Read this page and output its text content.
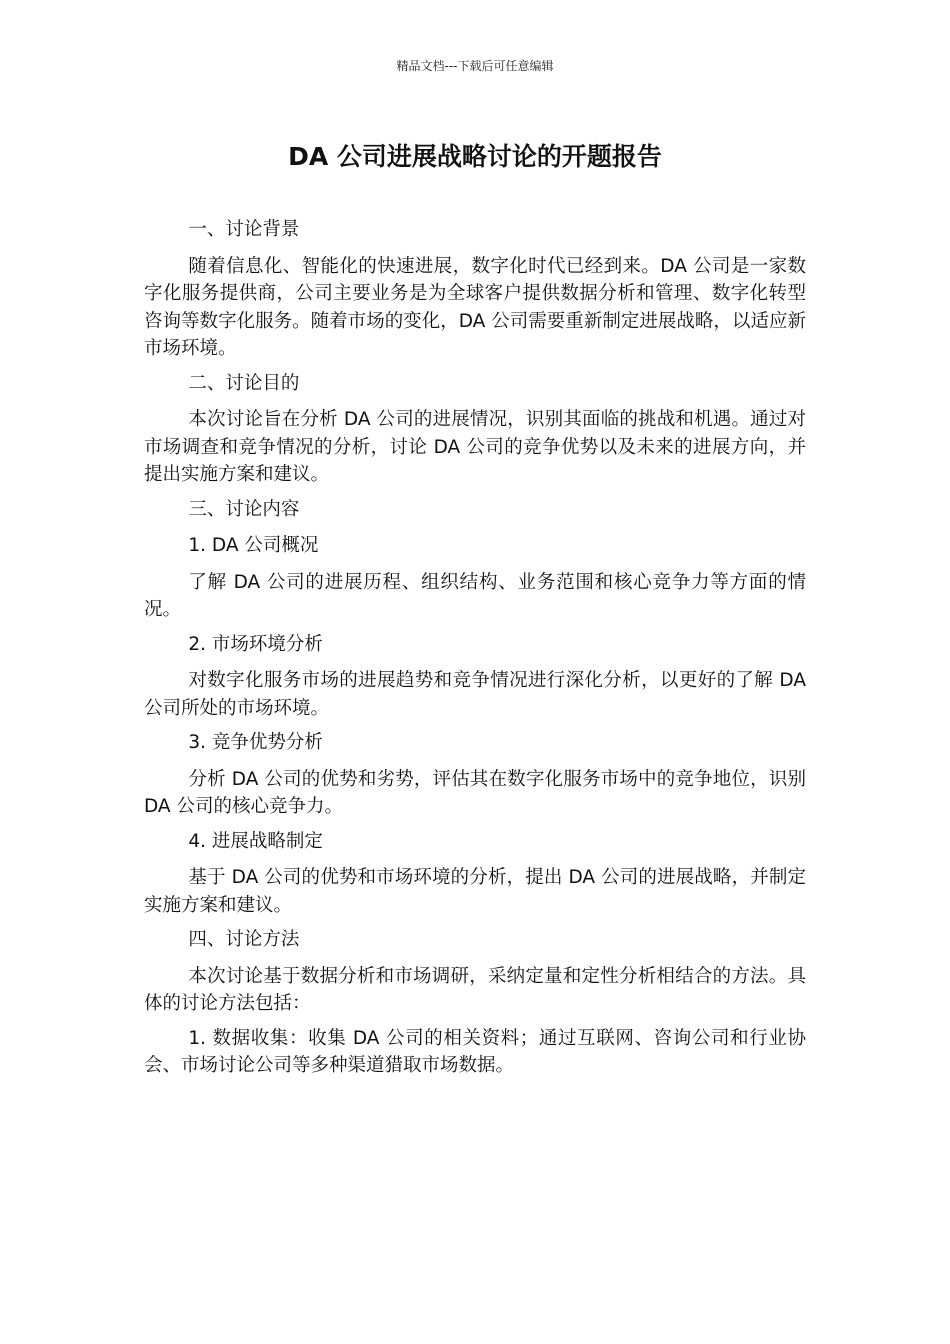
精品文档---下载后可任意编辑
DA 公司进展战略讨论的开题报告

一、讨论背景

随着信息化、智能化的快速进展，数字化时代已经到来。DA 公司是一家数字化服务提供商，公司主要业务是为全球客户提供数据分析和管理、数字化转型咨询等数字化服务。随着市场的变化，DA 公司需要重新制定进展战略，以适应新市场环境。

二、讨论目的

本次讨论旨在分析 DA 公司的进展情况，识别其面临的挑战和机遇。通过对市场调查和竞争情况的分析，讨论 DA 公司的竞争优势以及未来的进展方向，并提出实施方案和建议。

三、讨论内容

1. DA 公司概况

了解 DA 公司的进展历程、组织结构、业务范围和核心竞争力等方面的情况。

2. 市场环境分析

对数字化服务市场的进展趋势和竞争情况进行深化分析，以更好的了解 DA 公司所处的市场环境。

3. 竞争优势分析

分析 DA 公司的优势和劣势，评估其在数字化服务市场中的竞争地位，识别 DA 公司的核心竞争力。

4. 进展战略制定

基于 DA 公司的优势和市场环境的分析，提出 DA 公司的进展战略，并制定实施方案和建议。

四、讨论方法

本次讨论基于数据分析和市场调研，采纳定量和定性分析相结合的方法。具体的讨论方法包括：

1. 数据收集：收集 DA 公司的相关资料；通过互联网、咨询公司和行业协会、市场讨论公司等多种渠道猎取市场数据。
